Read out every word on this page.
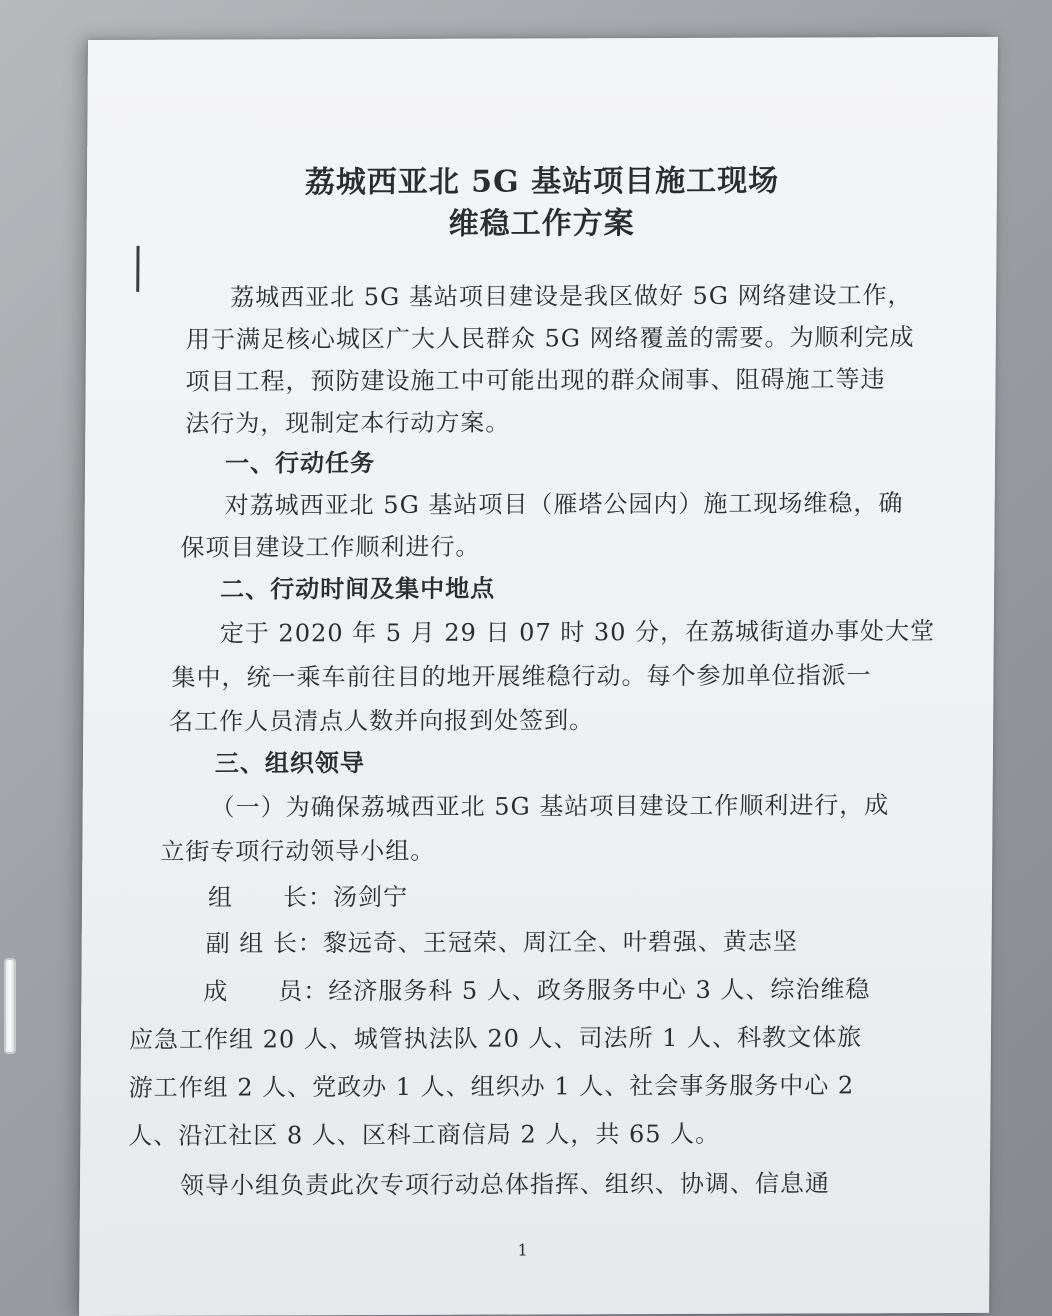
荔城西亚北 5G 基站项目施工现场
维稳工作方案
荔城西亚北 5G 基站项目建设是我区做好 5G 网络建设工作，
用于满足核心城区广大人民群众 5G 网络覆盖的需要。为顺利完成
项目工程，预防建设施工中可能出现的群众闹事、阻碍施工等违
法行为，现制定本行动方案。
一、行动任务
对荔城西亚北 5G 基站项目（雁塔公园内）施工现场维稳，确
保项目建设工作顺利进行。
二、行动时间及集中地点
定于 2020 年 5 月 29 日 07 时 30 分，在荔城街道办事处大堂
集中，统一乘车前往目的地开展维稳行动。每个参加单位指派一
名工作人员清点人数并向报到处签到。
三、组织领导
（一）为确保荔城西亚北 5G 基站项目建设工作顺利进行，成
立街专项行动领导小组。
组　　长：汤剑宁
副 组 长：黎远奇、王冠荣、周江全、叶碧强、黄志坚
成　　员：经济服务科 5 人、政务服务中心 3 人、综治维稳
应急工作组 20 人、城管执法队 20 人、司法所 1 人、科教文体旅
游工作组 2 人、党政办 1 人、组织办 1 人、社会事务服务中心 2
人、沿江社区 8 人、区科工商信局 2 人，共 65 人。
领导小组负责此次专项行动总体指挥、组织、协调、信息通
1
